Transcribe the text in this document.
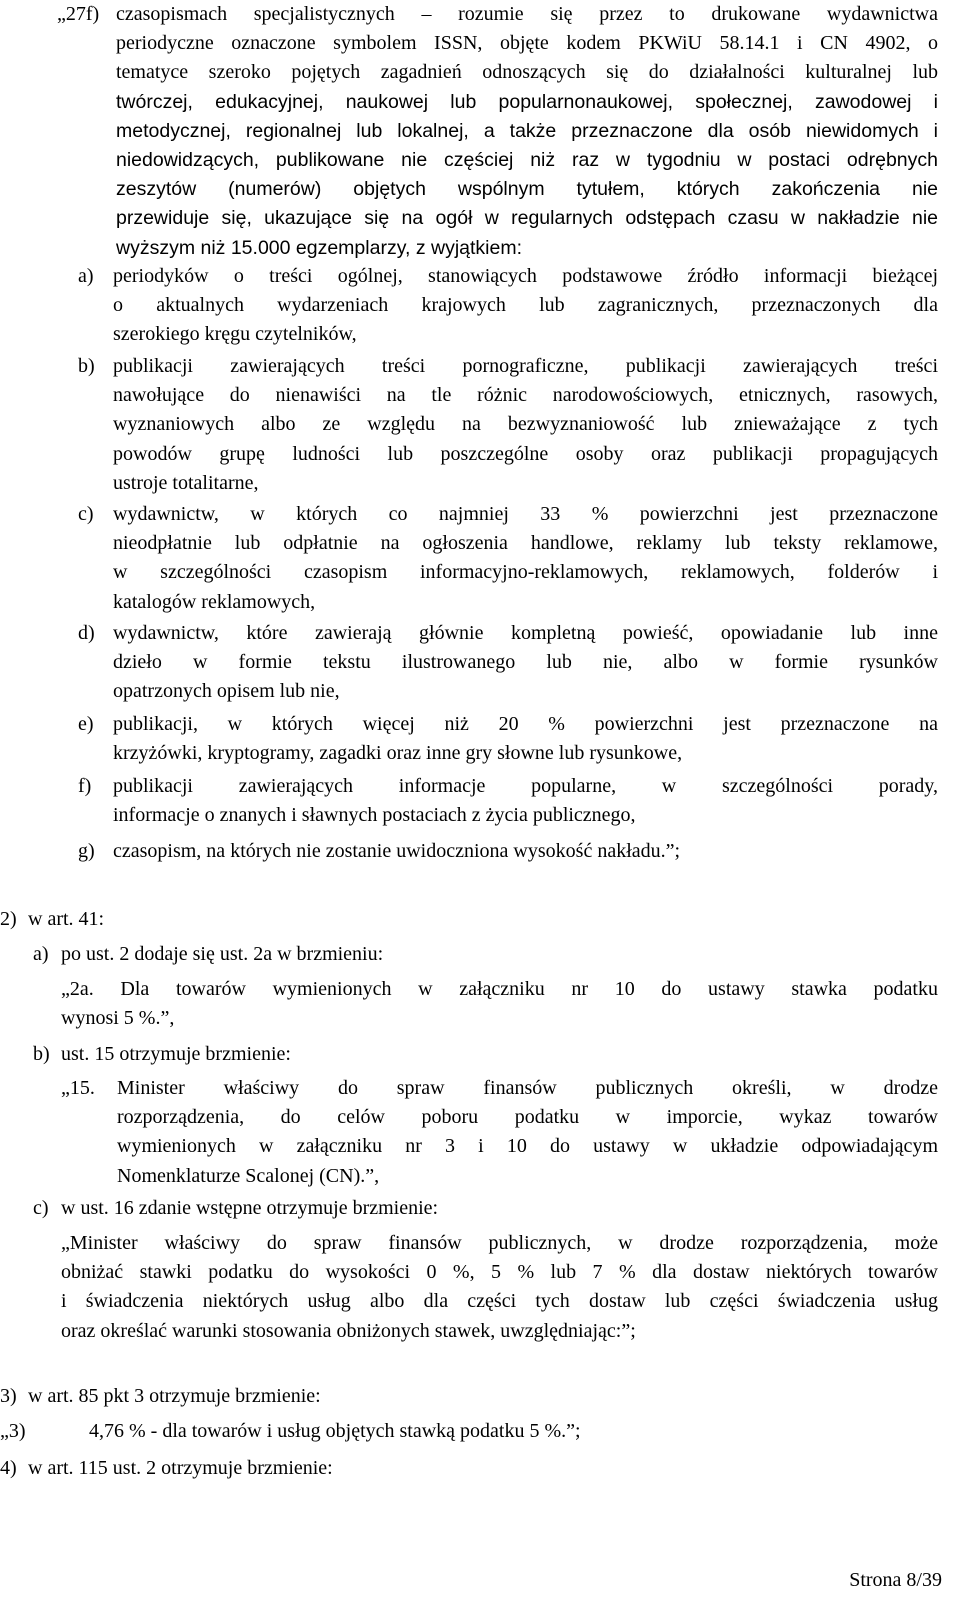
„27f) czasopismach specjalistycznych – rozumie się przez to drukowane wydawnictwa
periodyczne oznaczone symbolem ISSN, objęte kodem PKWiU 58.14.1 i CN 4902, o
tematyce szeroko pojętych zagadnień odnoszących się do działalności kulturalnej lub
twórczej, edukacyjnej, naukowej lub popularnonaukowej, społecznej, zawodowej i
metodycznej, regionalnej lub lokalnej, a także przeznaczone dla osób niewidomych i
niedowidzących, publikowane nie częściej niż raz w tygodniu w postaci odrębnych
zeszytów (numerów) objętych wspólnym tytułem, których zakończenia nie
przewiduje się, ukazujące się na ogół w regularnych odstępach czasu w nakładzie nie
wyższym niż 15.000 egzemplarzy, z wyjątkiem:
a) periodyków o treści ogólnej, stanowiących podstawowe źródło informacji bieżącej
o aktualnych wydarzeniach krajowych lub zagranicznych, przeznaczonych dla
szerokiego kręgu czytelników,
b) publikacji zawierających treści pornograficzne, publikacji zawierających treści
nawołujące do nienawiści na tle różnic narodowościowych, etnicznych, rasowych,
wyznaniowych albo ze względu na bezwyznaniowość lub znieważające z tych
powodów grupę ludności lub poszczególne osoby oraz publikacji propagujących
ustroje totalitarne,
c) wydawnictw, w których co najmniej 33 % powierzchni jest przeznaczone
nieodpłatnie lub odpłatnie na ogłoszenia handlowe, reklamy lub teksty reklamowe,
w szczególności czasopism informacyjno-reklamowych, reklamowych, folderów i
katalogów reklamowych,
d) wydawnictw, które zawierają głównie kompletną powieść, opowiadanie lub inne
dzieło w formie tekstu ilustrowanego lub nie, albo w formie rysunków
opatrzonych opisem lub nie,
e) publikacji, w których więcej niż 20 % powierzchni jest przeznaczone na
krzyżówki, kryptogramy, zagadki oraz inne gry słowne lub rysunkowe,
f) publikacji zawierających informacje popularne, w szczególności porady,
informacje o znanych i sławnych postaciach z życia publicznego,
g) czasopism, na których nie zostanie uwidoczniona wysokość nakładu.”;
2) w art. 41:
a) po ust. 2 dodaje się ust. 2a w brzmieniu:
„2a. Dla towarów wymienionych w załączniku nr 10 do ustawy stawka podatku
wynosi 5 %.”,
b) ust. 15 otrzymuje brzmienie:
„15. Minister właściwy do spraw finansów publicznych określi, w drodze
rozporządzenia, do celów poboru podatku w imporcie, wykaz towarów
wymienionych w załączniku nr 3 i 10 do ustawy w układzie odpowiadającym
Nomenklaturze Scalonej (CN).”,
c) w ust. 16 zdanie wstępne otrzymuje brzmienie:
„Minister właściwy do spraw finansów publicznych, w drodze rozporządzenia, może
obniżać stawki podatku do wysokości 0 %, 5 % lub 7 % dla dostaw niektórych towarów
i świadczenia niektórych usług albo dla części tych dostaw lub części świadczenia usług
oraz określać warunki stosowania obniżonych stawek, uwzględniając:”;
3) w art. 85 pkt 3 otrzymuje brzmienie:
„3)	4,76 % - dla towarów i usług objętych stawką podatku 5 %.”;
4) w art. 115 ust. 2 otrzymuje brzmienie:
Strona 8/39
